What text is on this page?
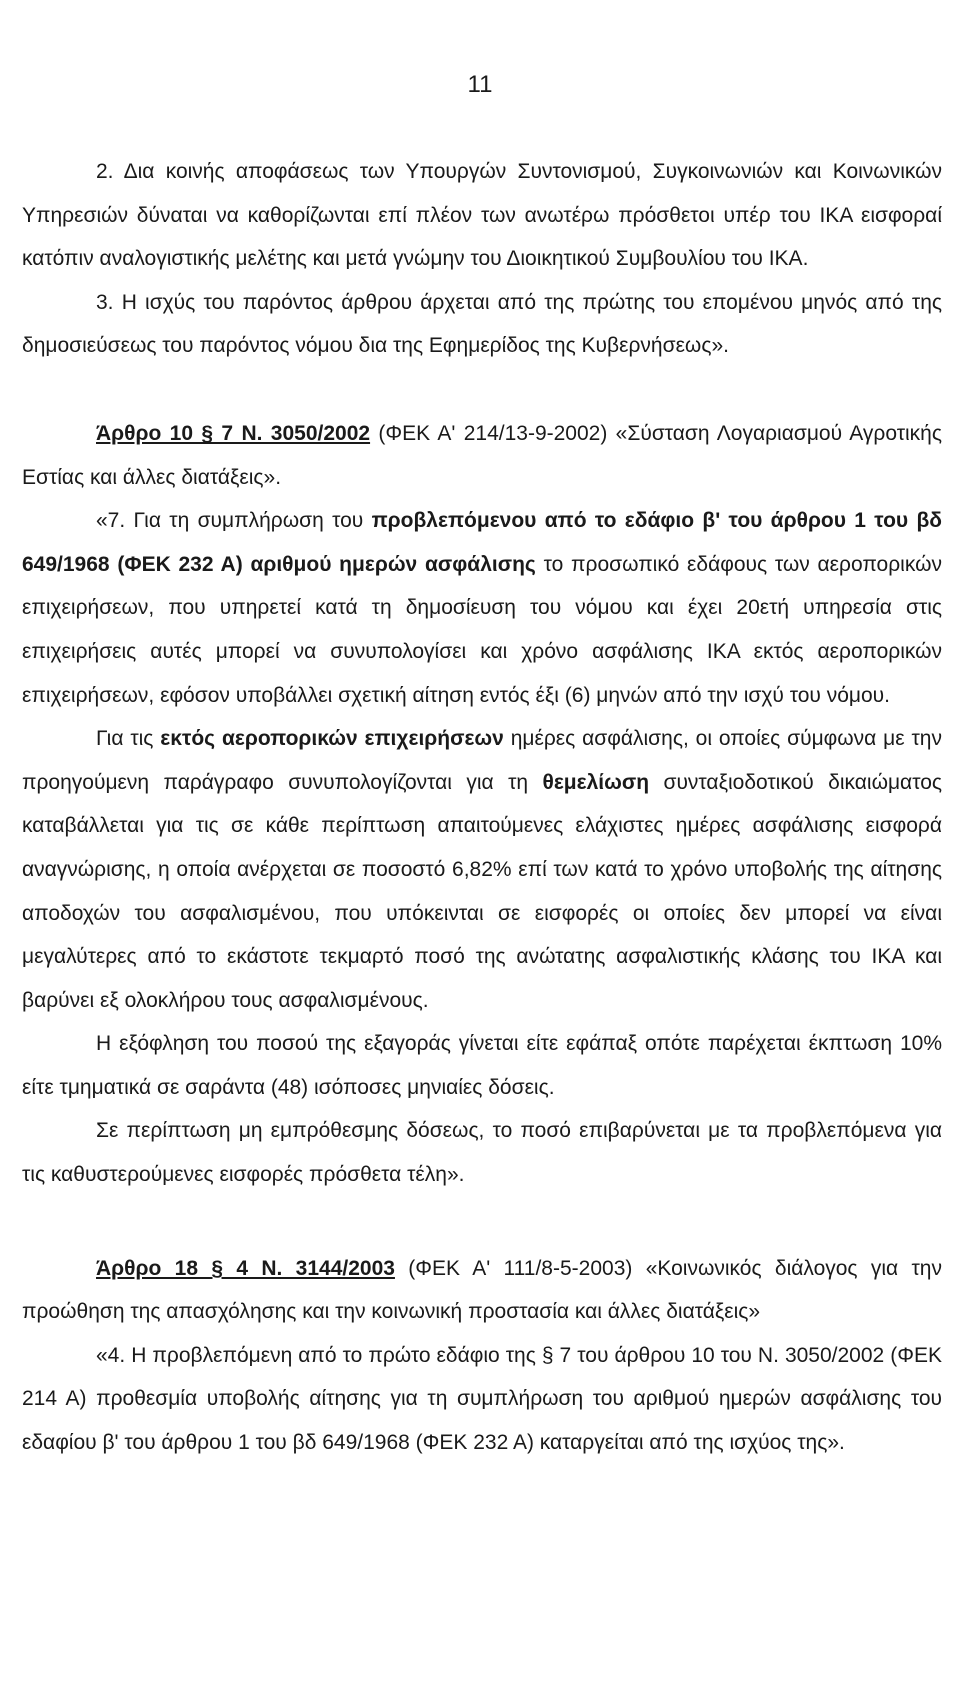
11

2. Δια κοινής αποφάσεως των Υπουργών Συντονισμού, Συγκοινωνιών και Κοινωνικών Υπηρεσιών δύναται να καθορίζωνται επί πλέον των ανωτέρω πρόσθετοι υπέρ του ΙΚΑ εισφοραί κατόπιν αναλογιστικής μελέτης και μετά γνώμην του Διοικητικού Συμβουλίου του ΙΚΑ.

3. Η ισχύς του παρόντος άρθρου άρχεται από της πρώτης του επομένου μηνός από της δημοσιεύσεως του παρόντος νόμου δια της Εφημερίδος της Κυβερνήσεως».

Άρθρο 10 § 7 Ν. 3050/2002 (ΦΕΚ Α' 214/13-9-2002) «Σύσταση Λογαριασμού Αγροτικής Εστίας και άλλες διατάξεις».

«7. Για τη συμπλήρωση του προβλεπόμενου από το εδάφιο β' του άρθρου 1 του βδ 649/1968 (ΦΕΚ 232 Α) αριθμού ημερών ασφάλισης το προσωπικό εδάφους των αεροπορικών επιχειρήσεων, που υπηρετεί κατά τη δημοσίευση του νόμου και έχει 20ετή υπηρεσία στις επιχειρήσεις αυτές μπορεί να συνυπολογίσει και χρόνο ασφάλισης ΙΚΑ εκτός αεροπορικών επιχειρήσεων, εφόσον υποβάλλει σχετική αίτηση εντός έξι (6) μηνών από την ισχύ του νόμου.

Για τις εκτός αεροπορικών επιχειρήσεων ημέρες ασφάλισης, οι οποίες σύμφωνα με την προηγούμενη παράγραφο συνυπολογίζονται για τη θεμελίωση συνταξιοδοτικού δικαιώματος καταβάλλεται για τις σε κάθε περίπτωση απαιτούμενες ελάχιστες ημέρες ασφάλισης εισφορά αναγνώρισης, η οποία ανέρχεται σε ποσοστό 6,82% επί των κατά το χρόνο υποβολής της αίτησης αποδοχών του ασφαλισμένου, που υπόκεινται σε εισφορές οι οποίες δεν μπορεί να είναι μεγαλύτερες από το εκάστοτε τεκμαρτό ποσό της ανώτατης ασφαλιστικής κλάσης του ΙΚΑ και βαρύνει εξ ολοκλήρου τους ασφαλισμένους.

Η εξόφληση του ποσού της εξαγοράς γίνεται είτε εφάπαξ οπότε παρέχεται έκπτωση 10% είτε τμηματικά σε σαράντα (48) ισόποσες μηνιαίες δόσεις.

Σε περίπτωση μη εμπρόθεσμης δόσεως, το ποσό επιβαρύνεται με τα προβλεπόμενα για τις καθυστερούμενες εισφορές πρόσθετα τέλη».

Άρθρο 18 § 4 Ν. 3144/2003 (ΦΕΚ Α' 111/8-5-2003) «Κοινωνικός διάλογος για την προώθηση της απασχόλησης και την κοινωνική προστασία και άλλες διατάξεις»

«4. Η προβλεπόμενη από το πρώτο εδάφιο της § 7 του άρθρου 10 του Ν. 3050/2002 (ΦΕΚ 214 Α) προθεσμία υποβολής αίτησης για τη συμπλήρωση του αριθμού ημερών ασφάλισης του εδαφίου β' του άρθρου 1 του βδ 649/1968 (ΦΕΚ 232 Α) καταργείται από της ισχύος της».
